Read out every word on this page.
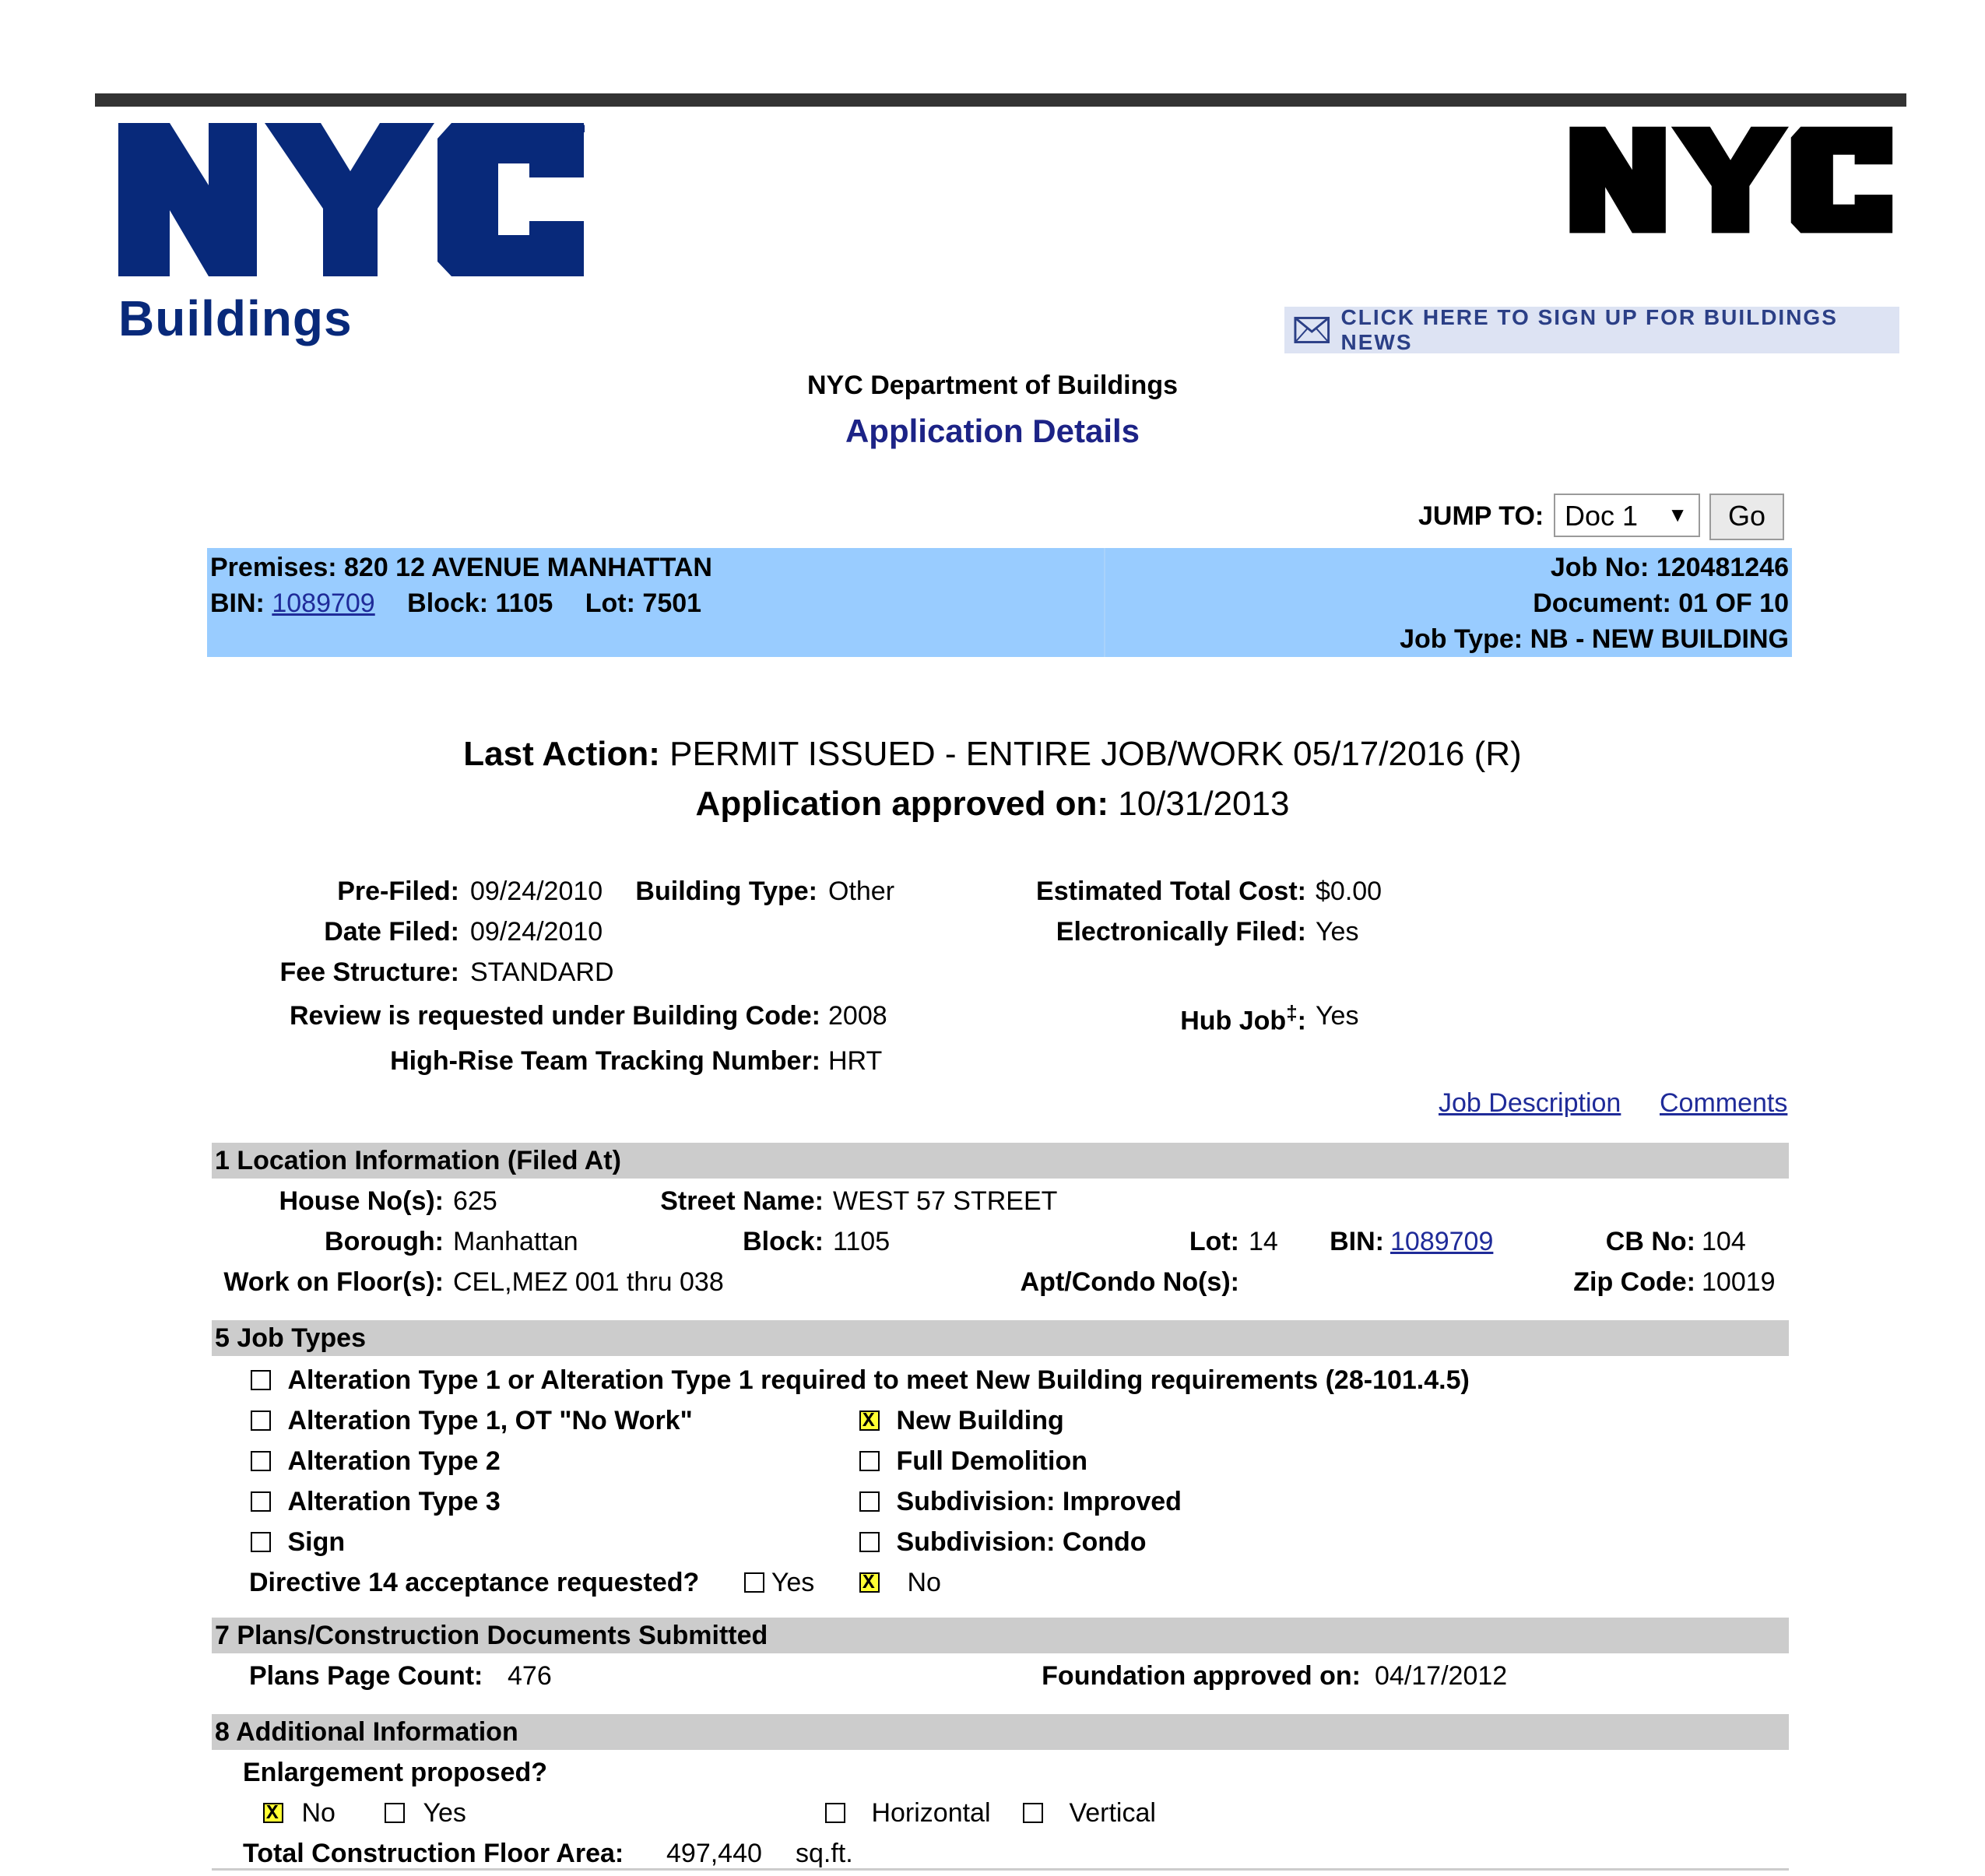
TM
Buildings	CLICK HERE TO SIGN UP FOR BUILDINGS NEWS
NYC Department of Buildings
Application Details
JUMP TO: Doc 1 ▼	Go
Premises: 820 12 AVENUE MANHATTAN
BIN: 1089709 Block: 1105 Lot: 7501
Job No: 120481246
Document: 01 OF 10
Job Type: NB - NEW BUILDING
Last Action: PERMIT ISSUED - ENTIRE JOB/WORK 05/17/2016 (R)
Application approved on: 10/31/2013
Pre-Filed: 09/24/2010 Building Type: Other	Estimated Total Cost: $0.00
Date Filed: 09/24/2010	Electronically Filed: Yes
Fee Structure: STANDARD
Review is requested under Building Code: 2008	Hub Job‡: Yes
High-Rise Team Tracking Number: HRT
Job Description Comments
1 Location Information (Filed At)
House No(s): 625	Street Name: WEST 57 STREET
Borough: Manhattan	Block: 1105	Lot: 14 BIN: 1089709	CB No: 104
Work on Floor(s): CEL,MEZ 001 thru 038	Apt/Condo No(s):	Zip Code: 10019
5 Job Types
Alteration Type 1 or Alteration Type 1 required to meet New Building requirements (28-101.4.5)
Alteration Type 1, OT "No Work" X	New Building
Alteration Type 2	Full Demolition
Alteration Type 3	Subdivision: Improved
Sign	Subdivision: Condo
Directive 14 acceptance requested?	Yes X	No
7 Plans/Construction Documents Submitted
Plans Page Count: 476	Foundation approved on: 04/17/2012
8 Additional Information
Enlargement proposed?
X No	Yes	Horizontal	Vertical
Total Construction Floor Area: 497,440 sq.ft.
